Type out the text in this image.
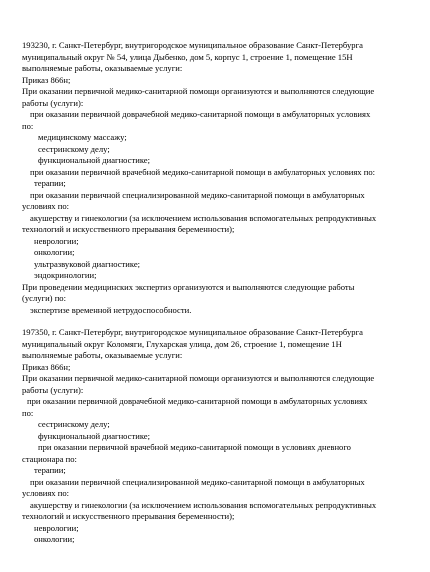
193230, г. Санкт-Петербург, внутригородское муниципальное образование Санкт-Петербурга
муниципальный округ № 54, улица Дыбенко, дом 5, корпус 1, строение 1, помещение 15Н
выполняемые работы, оказываемые услуги:
Приказ 866н;
При оказании первичной медико-санитарной помощи организуются и выполняются следующие
работы (услуги):
при оказании первичной доврачебной медико-санитарной помощи в амбулаторных условиях
по:
медицинскому массажу;
сестринскому делу;
функциональной диагностике;
при оказании первичной врачебной медико-санитарной помощи в амбулаторных условиях по:
терапии;
при оказании первичной специализированной медико-санитарной помощи в амбулаторных
условиях по:
акушерству и гинекологии (за исключением использования вспомогательных репродуктивных
технологий и искусственного прерывания беременности);
неврологии;
онкологии;
ультразвуковой диагностике;
эндокринологии;
При проведении медицинских экспертиз организуются и выполняются следующие работы
(услуги) по:
экспертизе временной нетрудоспособности.
197350, г. Санкт-Петербург, внутригородское муниципальное образование Санкт-Петербурга
муниципальный округ Коломяги, Глухарская улица, дом 26, строение 1, помещение 1Н
выполняемые работы, оказываемые услуги:
Приказ 866н;
При оказании первичной медико-санитарной помощи организуются и выполняются следующие
работы (услуги):
при оказании первичной доврачебной медико-санитарной помощи в амбулаторных условиях
по:
сестринскому делу;
функциональной диагностике;
при оказании первичной врачебной медико-санитарной помощи в условиях дневного
стационара по:
терапии;
при оказании первичной специализированной медико-санитарной помощи в амбулаторных
условиях по:
акушерству и гинекологии (за исключением использования вспомогательных репродуктивных
технологий и искусственного прерывания беременности);
неврологии;
онкологии;
